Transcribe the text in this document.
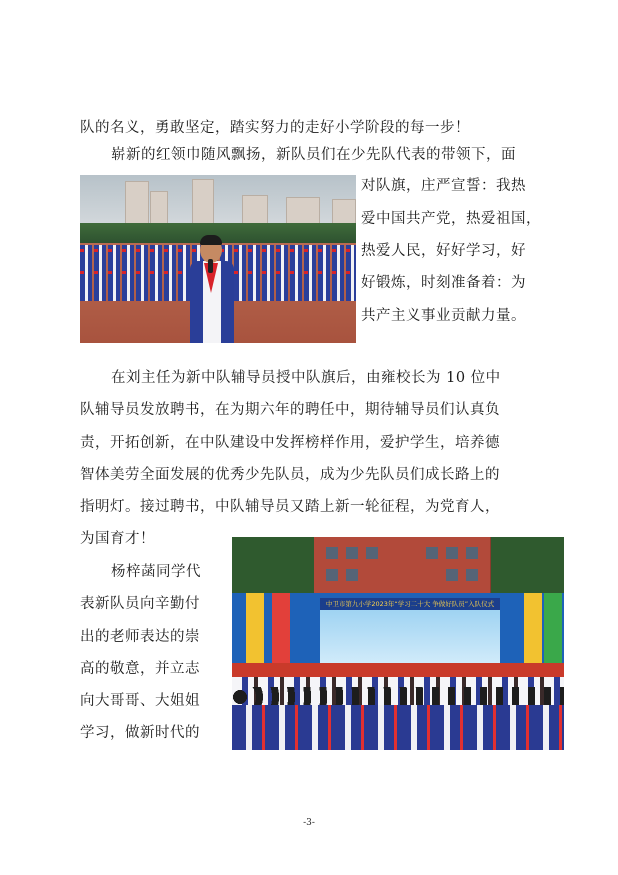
队的名义，勇敢坚定，踏实努力的走好小学阶段的每一步！
崭新的红领巾随风飘扬，新队员们在少先队代表的带领下，面
对队旗，庄严宣誓：我热
爱中国共产党，热爱祖国，
热爱人民，好好学习，好
好锻炼，时刻准备着：为
共产主义事业贡献力量。
在刘主任为新中队辅导员授中队旗后，由雍校长为 10 位中
队辅导员发放聘书，在为期六年的聘任中，期待辅导员们认真负
责，开拓创新，在中队建设中发挥榜样作用，爱护学生，培养德
智体美劳全面发展的优秀少先队员，成为少先队员们成长路上的
指明灯。接过聘书，中队辅导员又踏上新一轮征程，为党育人，
为国育才！
杨梓菡同学代
表新队员向辛勤付
出的老师表达的崇
高的敬意，并立志
向大哥哥、大姐姐
学习，做新时代的
中卫市第九小学2023年“学习二十大 争做好队员”入队仪式
-3-
